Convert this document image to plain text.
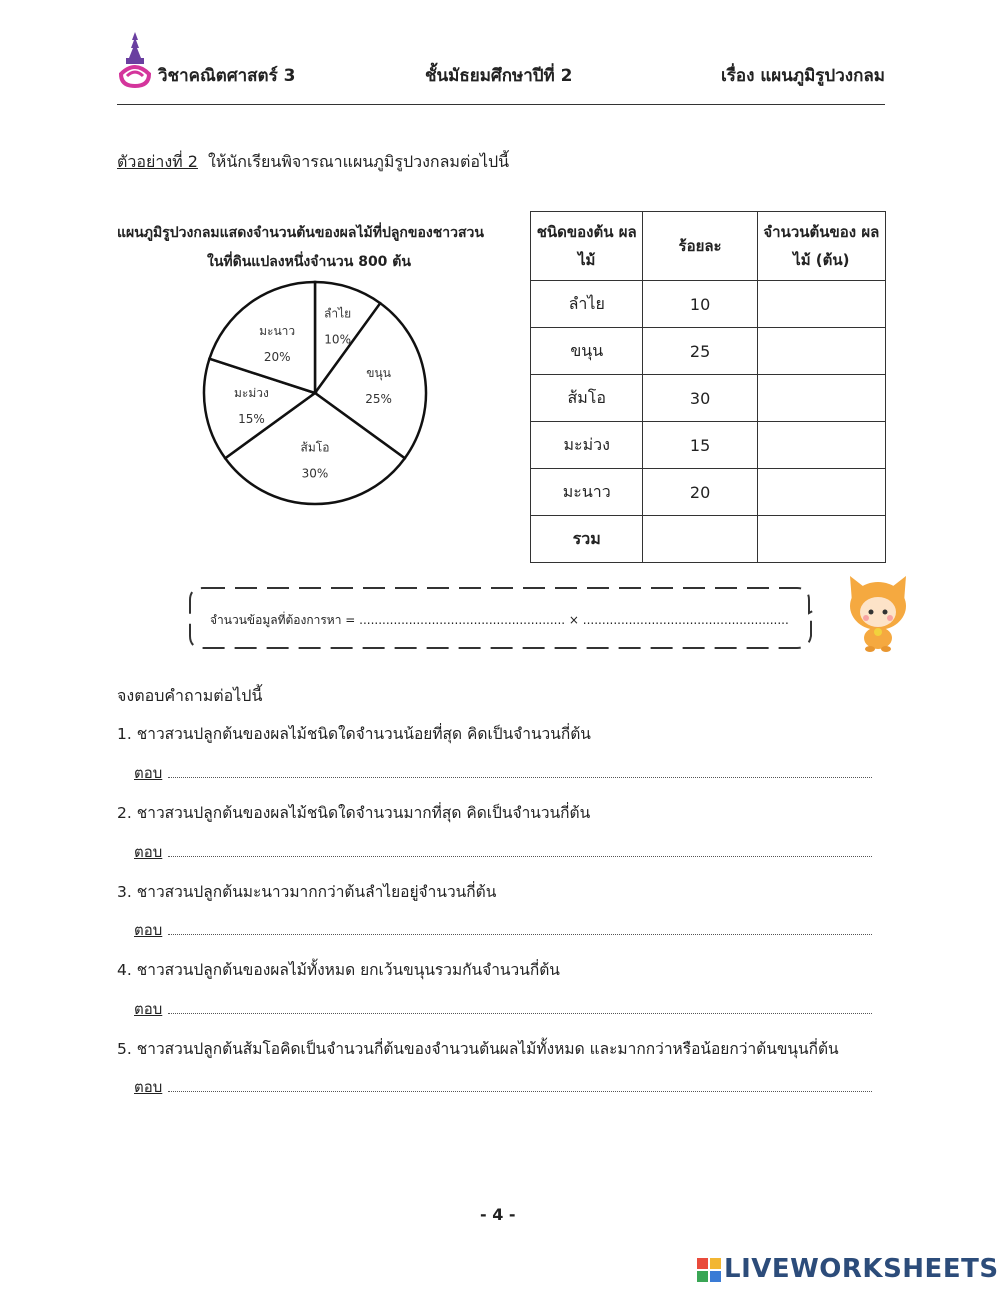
วิชาคณิตศาสตร์ 3	ชั้นมัธยมศึกษาปีที่ 2	เรื่อง แผนภูมิรูปวงกลม
ตัวอย่างที่ 2 ให้นักเรียนพิจารณาแผนภูมิรูปวงกลมต่อไปนี้
แผนภูมิรูปวงกลมแสดงจำนวนต้นของผลไม้ที่ปลูกของชาวสวน
ในที่ดินแปลงหนึ่งจำนวน 800 ต้น
ลำไย
10%
ขนุน
25%
ส้มโอ
30%
มะม่วง
15%
มะนาว
20%
ชนิดของต้น ผลไม้	ร้อยละ	จำนวนต้นของ ผลไม้ (ต้น)
ลำไย	10	
ขนุน	25	
ส้มโอ	30	
มะม่วง	15	
มะนาว	20	
รวม		
จำนวนข้อมูลที่ต้องการหา = ...................................................... × ......................................................
จงตอบคำถามต่อไปนี้
1. ชาวสวนปลูกต้นของผลไม้ชนิดใดจำนวนน้อยที่สุด คิดเป็นจำนวนกี่ต้น
ตอบ
2. ชาวสวนปลูกต้นของผลไม้ชนิดใดจำนวนมากที่สุด คิดเป็นจำนวนกี่ต้น
ตอบ
3. ชาวสวนปลูกต้นมะนาวมากกว่าต้นลำไยอยู่จำนวนกี่ต้น
ตอบ
4. ชาวสวนปลูกต้นของผลไม้ทั้งหมด ยกเว้นขนุนรวมกันจำนวนกี่ต้น
ตอบ
5. ชาวสวนปลูกต้นส้มโอคิดเป็นจำนวนกี่ต้นของจำนวนต้นผลไม้ทั้งหมด และมากกว่าหรือน้อยกว่าต้นขนุนกี่ต้น
ตอบ
- 4 -
LIVEWORKSHEETS
